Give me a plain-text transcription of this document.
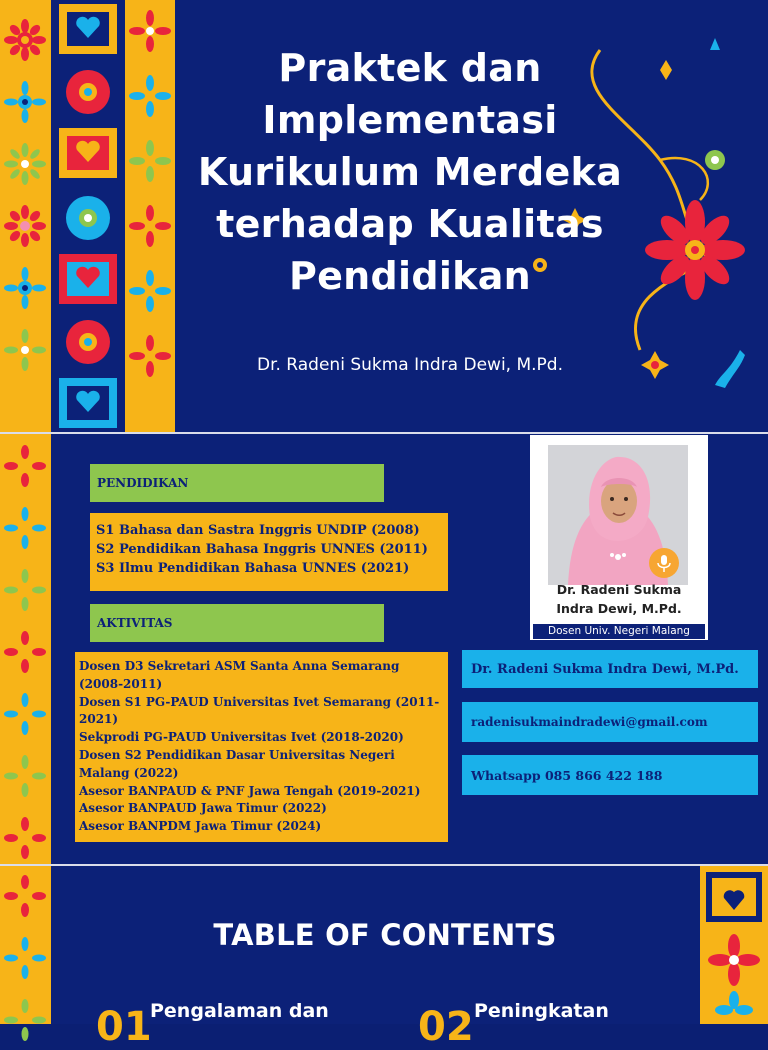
Praktek dan
Implementasi
Kurikulum Merdeka
terhadap Kualitas
Pendidikan
Dr. Radeni Sukma Indra Dewi, M.Pd.
PENDIDIKAN
S1 Bahasa dan Sastra Inggris UNDIP (2008)
S2 Pendidikan Bahasa Inggris UNNES (2011)
S3 Ilmu Pendidikan Bahasa UNNES (2021)
AKTIVITAS
Dosen D3 Sekretari ASM Santa Anna Semarang (2008-2011)
Dosen S1 PG-PAUD Universitas Ivet Semarang (2011-2021)
Sekprodi PG-PAUD Universitas Ivet (2018-2020)
Dosen S2 Pendidikan Dasar Universitas Negeri Malang (2022)
Asesor BANPAUD & PNF Jawa Tengah (2019-2021)
Asesor BANPAUD Jawa Timur (2022)
Asesor BANPDM Jawa Timur (2024)
Dr. Radeni Sukma
Indra Dewi, M.Pd.
Dosen Univ. Negeri Malang
Dr. Radeni Sukma Indra Dewi, M.Pd.
radenisukmaindradewi@gmail.com
Whatsapp 085 866 422 188
TABLE OF CONTENTS
01
Pengalaman dan 02 Peningkatan
